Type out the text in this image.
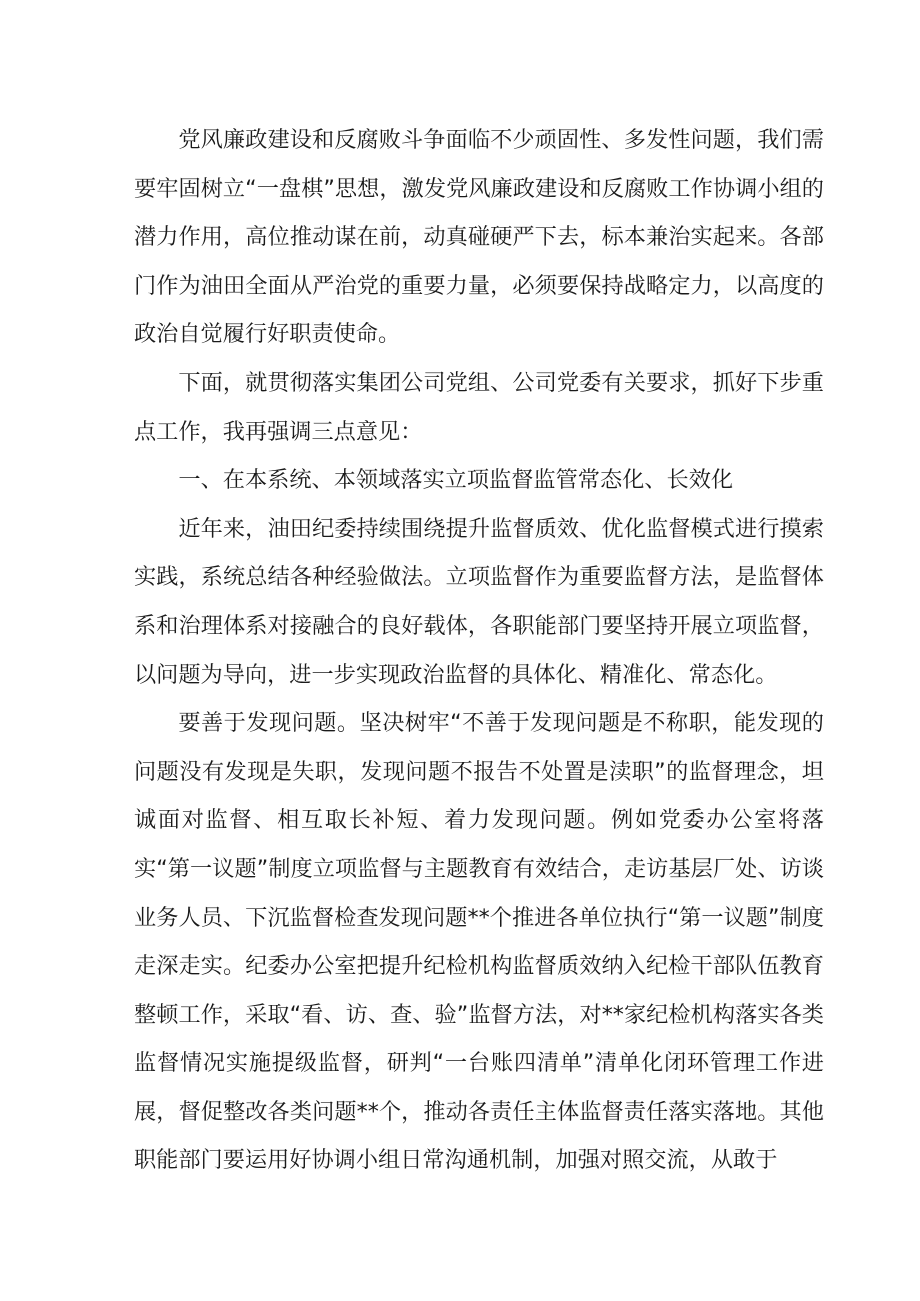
党风廉政建设和反腐败斗争面临不少顽固性、多发性问题，我们需要牢固树立“一盘棋”思想，激发党风廉政建设和反腐败工作协调小组的潜力作用，高位推动谋在前，动真碰硬严下去，标本兼治实起来。各部门作为油田全面从严治党的重要力量，必须要保持战略定力，以高度的政治自觉履行好职责使命。

下面，就贯彻落实集团公司党组、公司党委有关要求，抓好下步重点工作，我再强调三点意见：

一、在本系统、本领域落实立项监督监管常态化、长效化

近年来，油田纪委持续围绕提升监督质效、优化监督模式进行摸索实践，系统总结各种经验做法。立项监督作为重要监督方法，是监督体系和治理体系对接融合的良好载体，各职能部门要坚持开展立项监督，以问题为导向，进一步实现政治监督的具体化、精准化、常态化。

要善于发现问题。坚决树牢“不善于发现问题是不称职，能发现的问题没有发现是失职，发现问题不报告不处置是渎职”的监督理念，坦诚面对监督、相互取长补短、着力发现问题。例如党委办公室将落实“第一议题”制度立项监督与主题教育有效结合，走访基层厂处、访谈业务人员、下沉监督检查发现问题**个推进各单位执行“第一议题”制度走深走实。纪委办公室把提升纪检机构监督质效纳入纪检干部队伍教育整顿工作，采取“看、访、查、验”监督方法，对**家纪检机构落实各类监督情况实施提级监督，研判“一台账四清单”清单化闭环管理工作进展，督促整改各类问题**个，推动各责任主体监督责任落实落地。其他职能部门要运用好协调小组日常沟通机制，加强对照交流，从敢于
